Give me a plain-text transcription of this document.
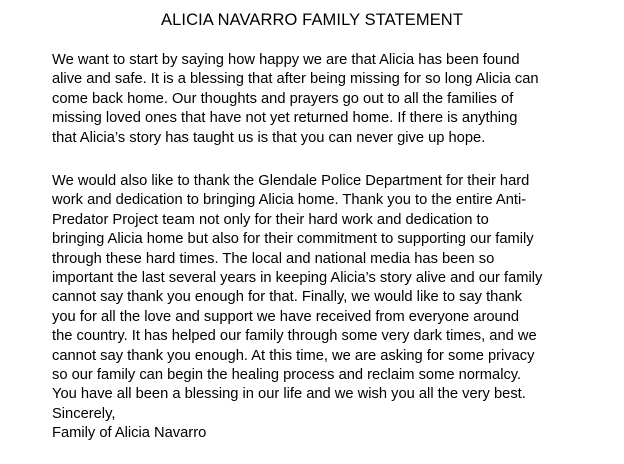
ALICIA NAVARRO FAMILY STATEMENT

We want to start by saying how happy we are that Alicia has been found
alive and safe. It is a blessing that after being missing for so long Alicia can
come back home. Our thoughts and prayers go out to all the families of
missing loved ones that have not yet returned home. If there is anything
that Alicia’s story has taught us is that you can never give up hope.

We would also like to thank the Glendale Police Department for their hard
work and dedication to bringing Alicia home. Thank you to the entire Anti-
Predator Project team not only for their hard work and dedication to
bringing Alicia home but also for their commitment to supporting our family
through these hard times. The local and national media has been so
important the last several years in keeping Alicia’s story alive and our family
cannot say thank you enough for that. Finally, we would like to say thank
you for all the love and support we have received from everyone around
the country. It has helped our family through some very dark times, and we
cannot say thank you enough. At this time, we are asking for some privacy
so our family can begin the healing process and reclaim some normalcy.
You have all been a blessing in our life and we wish you all the very best.

Sincerely,
Family of Alicia Navarro
